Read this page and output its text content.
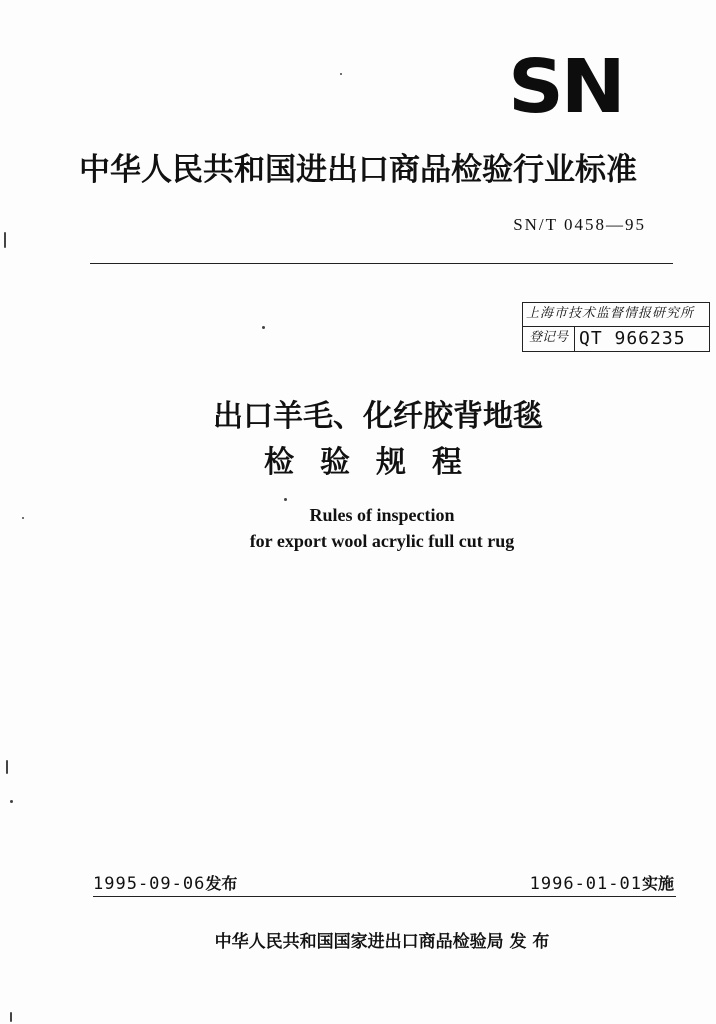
SN
中华人民共和国进出口商品检验行业标准
SN/T 0458—95
上海市技术监督情报研究所
登记号 QT 966235
出口羊毛、化纤胶背地毯
检验规程
Rules of inspection
for export wool acrylic full cut rug
1995-09-06发布	1996-01-01实施
中华人民共和国国家进出口商品检验局 发 布
